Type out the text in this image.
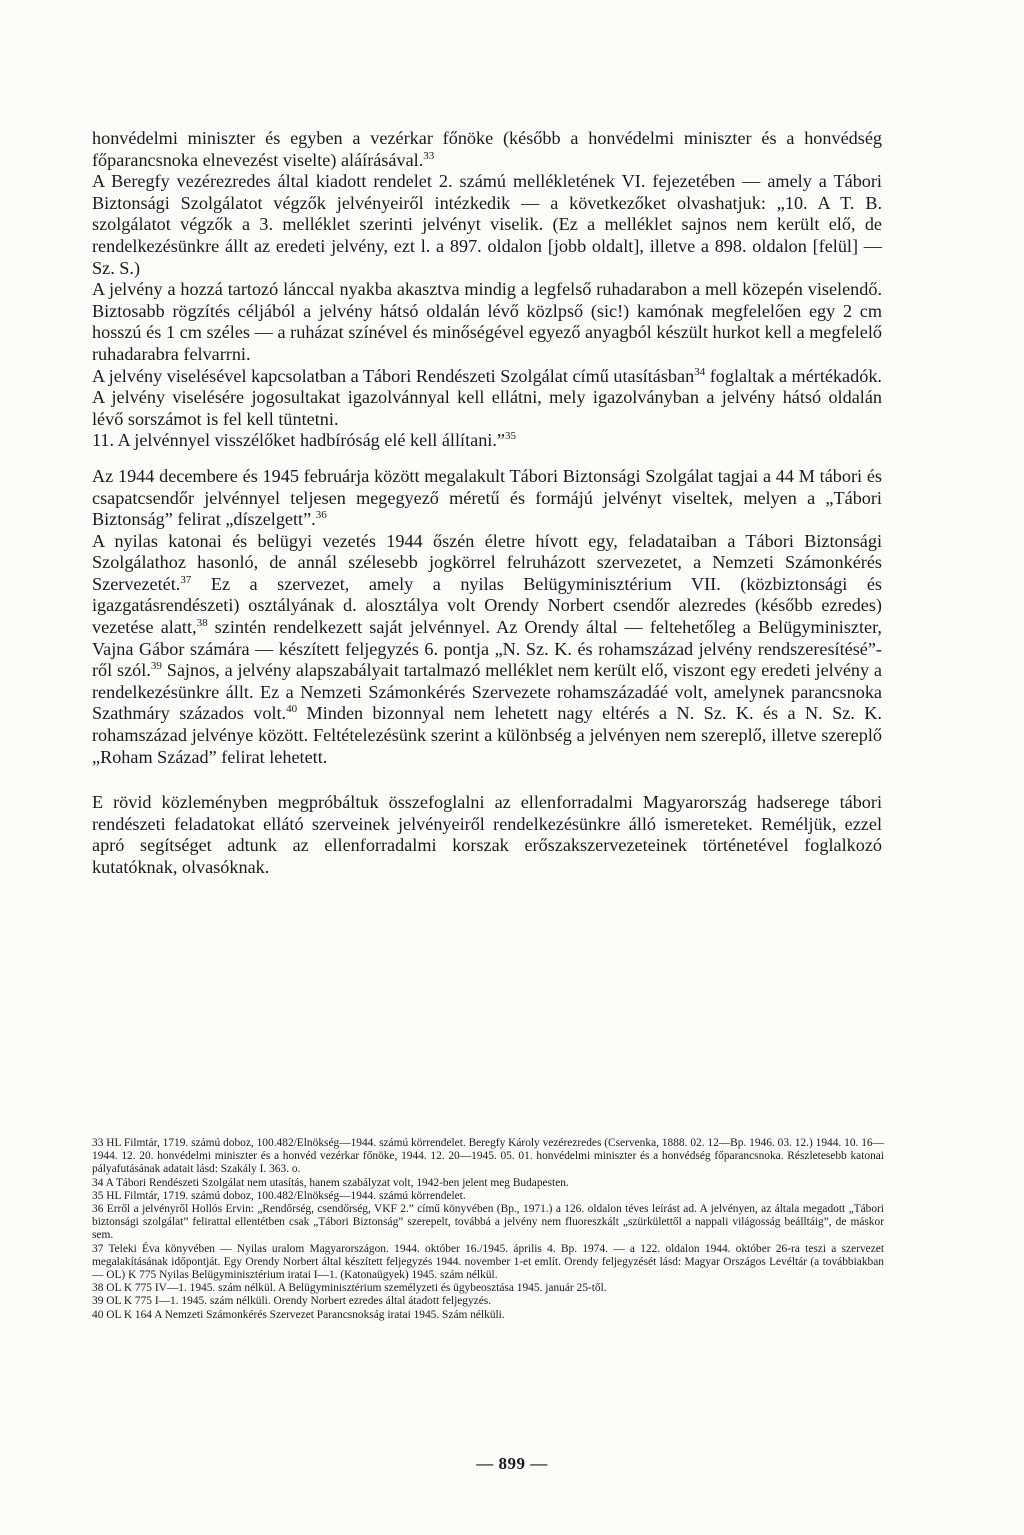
honvédelmi miniszter és egyben a vezérkar főnöke (később a honvédelmi miniszter és a honvédség főparancsnoka elnevezést viselte) aláírásával.$^{33}$

A Beregfy vezérezredes által kiadott rendelet 2. számú mellékletének VI. fejezetében — amely a Tábori Biztonsági Szolgálatot végzők jelvényeiről intézkedik — a következőket olvashatjuk: „10. A T. B. szolgálatot végzők a 3. melléklet szerinti jelvényt viselik. (Ez a melléklet sajnos nem került elő, de rendelkezésünkre állt az eredeti jelvény, ezt l. a 897. oldalon [jobb oldalt], illetve a 898. oldalon [felül] — Sz. S.)

A jelvény a hozzá tartozó lánccal nyakba akasztva mindig a legfelső ruhadarabon a mell közepén viselendő. Biztosabb rögzítés céljából a jelvény hátsó oldalán lévő közlpső (sic!) kamónak megfelelően egy 2 cm hosszú és 1 cm széles — a ruházat színével és minőségével egyező anyagból készült hurkot kell a megfelelő ruhadarabra felvarrni.

A jelvény viselésével kapcsolatban a Tábori Rendészeti Szolgálat című utasításban$^{34}$ foglaltak a mértékadók.

A jelvény viselésére jogosultakat igazolvánnyal kell ellátni, mely igazolványban a jelvény hátsó oldalán lévő sorszámot is fel kell tüntetni.

11. A jelvénnyel visszélőket hadbíróság elé kell állítani.”$^{35}$

Az 1944 decembere és 1945 februárja között megalakult Tábori Biztonsági Szolgálat tagjai a 44 M tábori és csapatcsendőr jelvénnyel teljesen megegyező méretű és formájú jelvényt viseltek, melyen a „Tábori Biztonság” felirat „díszelgett”.$^{36}$

A nyilas katonai és belügyi vezetés 1944 őszén életre hívott egy, feladataiban a Tábori Biztonsági Szolgálathoz hasonló, de annál szélesebb jogkörrel felruházott szervezetet, a Nemzeti Számonkérés Szervezetét.$^{37}$ Ez a szervezet, amely a nyilas Belügyminisztérium VII. (közbiztonsági és igazgatásrendészeti) osztályának d. alosztálya volt Orendy Norbert csendőr alezredes (később ezredes) vezetése alatt,$^{38}$ szintén rendelkezett saját jelvénnyel. Az Orendy által — feltehetőleg a Belügyminiszter, Vajna Gábor számára — készített feljegyzés 6. pontja „N. Sz. K. és rohamszázad jelvény rendszeresítésé”-ről szól.$^{39}$ Sajnos, a jelvény alapszabályait tartalmazó melléklet nem került elő, viszont egy eredeti jelvény a rendelkezésünkre állt. Ez a Nemzeti Számonkérés Szervezete rohamszázadáé volt, amelynek parancsnoka Szathmáry százados volt.$^{40}$ Minden bizonnyal nem lehetett nagy eltérés a N. Sz. K. és a N. Sz. K. rohamszázad jelvénye között. Feltételezésünk szerint a különbség a jelvényen nem szereplő, illetve szereplő „Roham Század” felirat lehetett.

E rövid közleményben megpróbáltuk összefoglalni az ellenforradalmi Magyarország hadserege tábori rendészeti feladatokat ellátó szerveinek jelvényeiről rendelkezésünkre álló ismereteket. Reméljük, ezzel apró segítséget adtunk az ellenforradalmi korszak erőszakszervezeteinek történetével foglalkozó kutatóknak, olvasóknak.

33 HL Filmtár, 1719. számú doboz, 100.482/Elnökség—1944. számú körrendelet. Beregfy Károly vezérezredes (Cservenka, 1888. 02. 12—Bp. 1946. 03. 12.) 1944. 10. 16—1944. 12. 20. honvédelmi miniszter és a honvéd vezérkar főnöke, 1944. 12. 20—1945. 05. 01. honvédelmi miniszter és a honvédség főparancsnoka. Részletesebb katonai pályafutásának adatait lásd: Szakály I. 363. o.

34 A Tábori Rendészeti Szolgálat nem utasítás, hanem szabályzat volt, 1942-ben jelent meg Budapesten.

35 HL Filmtár, 1719. számú doboz, 100.482/Elnökség—1944. számú körrendelet.

36 Erről a jelvényről Hollós Ervin: „Rendőrség, csendőrség, VKF 2.” című könyvében (Bp., 1971.) a 126. oldalon téves leírást ad. A jelvényen, az általa megadott „Tábori biztonsági szolgálat” felirattal ellentétben csak „Tábori Biztonság” szerepelt, továbbá a jelvény nem fluoreszkált „szürkülettől a nappali világosság beálltáig”, de máskor sem.

37 Teleki Éva könyvében — Nyilas uralom Magyarországon. 1944. október 16./1945. április 4. Bp. 1974. — a 122. oldalon 1944. október 26-ra teszi a szervezet megalakításának időpontját. Egy Orendy Norbert által készített feljegyzés 1944. november 1-et említ. Orendy feljegyzését lásd: Magyar Országos Levéltár (a továbbiakban — OL) K 775 Nyilas Belügyminisztérium iratai I—1. (Katonaügyek) 1945. szám nélkül.

38 OL K 775 IV—1. 1945. szám nélkül. A Belügyminisztérium személyzeti és ügybeosztása 1945. január 25-től.

39 OL K 775 I—1. 1945. szám nélküli. Orendy Norbert ezredes által átadott feljegyzés.

40 OL K 164 A Nemzeti Számonkérés Szervezet Parancsnokság iratai 1945. Szám nélküli.

— 899 —
